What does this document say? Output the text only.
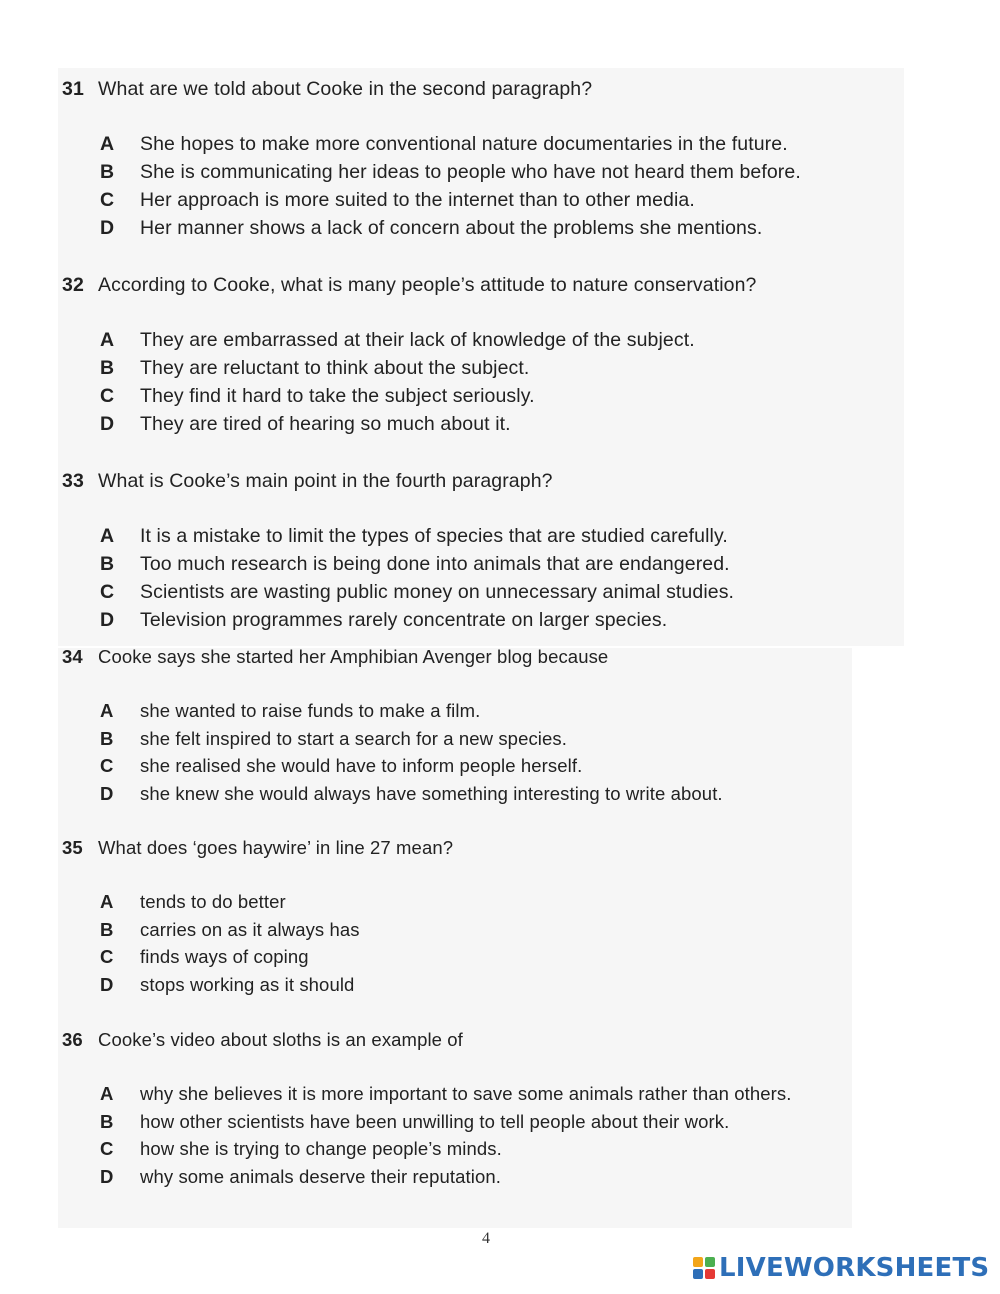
31 What are we told about Cooke in the second paragraph?
A	She hopes to make more conventional nature documentaries in the future.
B	She is communicating her ideas to people who have not heard them before.
C	Her approach is more suited to the internet than to other media.
D	Her manner shows a lack of concern about the problems she mentions.
32 According to Cooke, what is many people’s attitude to nature conservation?
A	They are embarrassed at their lack of knowledge of the subject.
B	They are reluctant to think about the subject.
C	They find it hard to take the subject seriously.
D	They are tired of hearing so much about it.
33 What is Cooke’s main point in the fourth paragraph?
A	It is a mistake to limit the types of species that are studied carefully.
B	Too much research is being done into animals that are endangered.
C	Scientists are wasting public money on unnecessary animal studies.
D	Television programmes rarely concentrate on larger species.
34 Cooke says she started her Amphibian Avenger blog because
A	she wanted to raise funds to make a film.
B	she felt inspired to start a search for a new species.
C	she realised she would have to inform people herself.
D	she knew she would always have something interesting to write about.
35 What does ‘goes haywire’ in line 27 mean?
A	tends to do better
B	carries on as it always has
C	finds ways of coping
D	stops working as it should
36 Cooke’s video about sloths is an example of
A	why she believes it is more important to save some animals rather than others.
B	how other scientists have been unwilling to tell people about their work.
C	how she is trying to change people’s minds.
D	why some animals deserve their reputation.
4
LIVEWORKSHEETS
